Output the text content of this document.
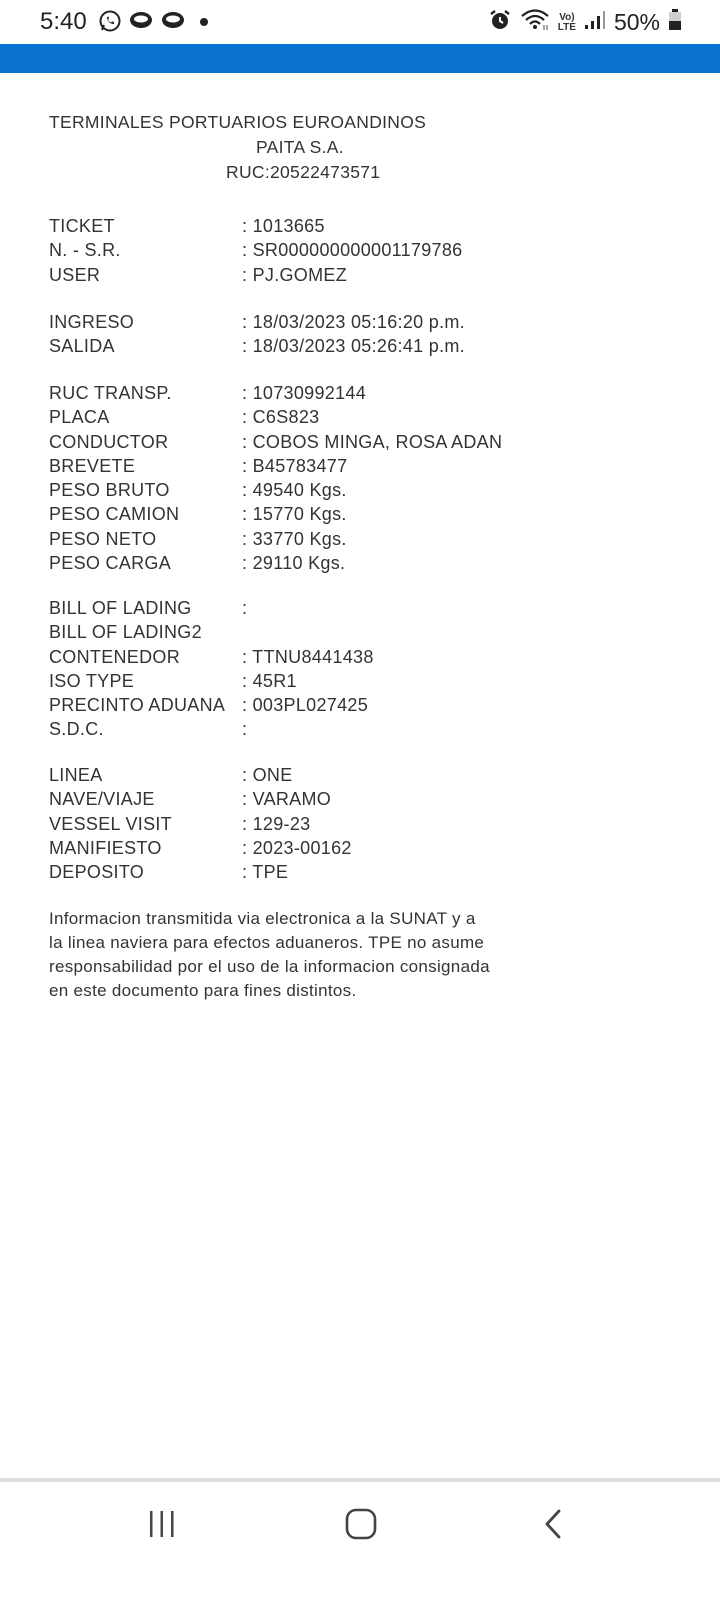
5:40	Vo)
LTE 50%
TERMINALES PORTUARIOS EUROANDINOS
PAITA S.A.
RUC:20522473571
TICKET	: 1013665
N. - S.R.	: SR000000000001179786
USER	: PJ.GOMEZ
INGRESO	: 18/03/2023 05:16:20 p.m.
SALIDA	: 18/03/2023 05:26:41 p.m.
RUC TRANSP.	: 10730992144
PLACA	: C6S823
CONDUCTOR	: COBOS MINGA, ROSA ADAN
BREVETE	: B45783477
PESO BRUTO	: 49540 Kgs.
PESO CAMION	: 15770 Kgs.
PESO NETO	: 33770 Kgs.
PESO CARGA	: 29110 Kgs.
BILL OF LADING	:
BILL OF LADING2
CONTENEDOR	: TTNU8441438
ISO TYPE	: 45R1
PRECINTO ADUANA : 003PL027425
S.D.C.	:
LINEA	: ONE
NAVE/VIAJE	: VARAMO
VESSEL VISIT	: 129-23
MANIFIESTO	: 2023-00162
DEPOSITO	: TPE
Informacion transmitida via electronica a la SUNAT y a
la linea naviera para efectos aduaneros. TPE no asume
responsabilidad por el uso de la informacion consignada
en este documento para fines distintos.
